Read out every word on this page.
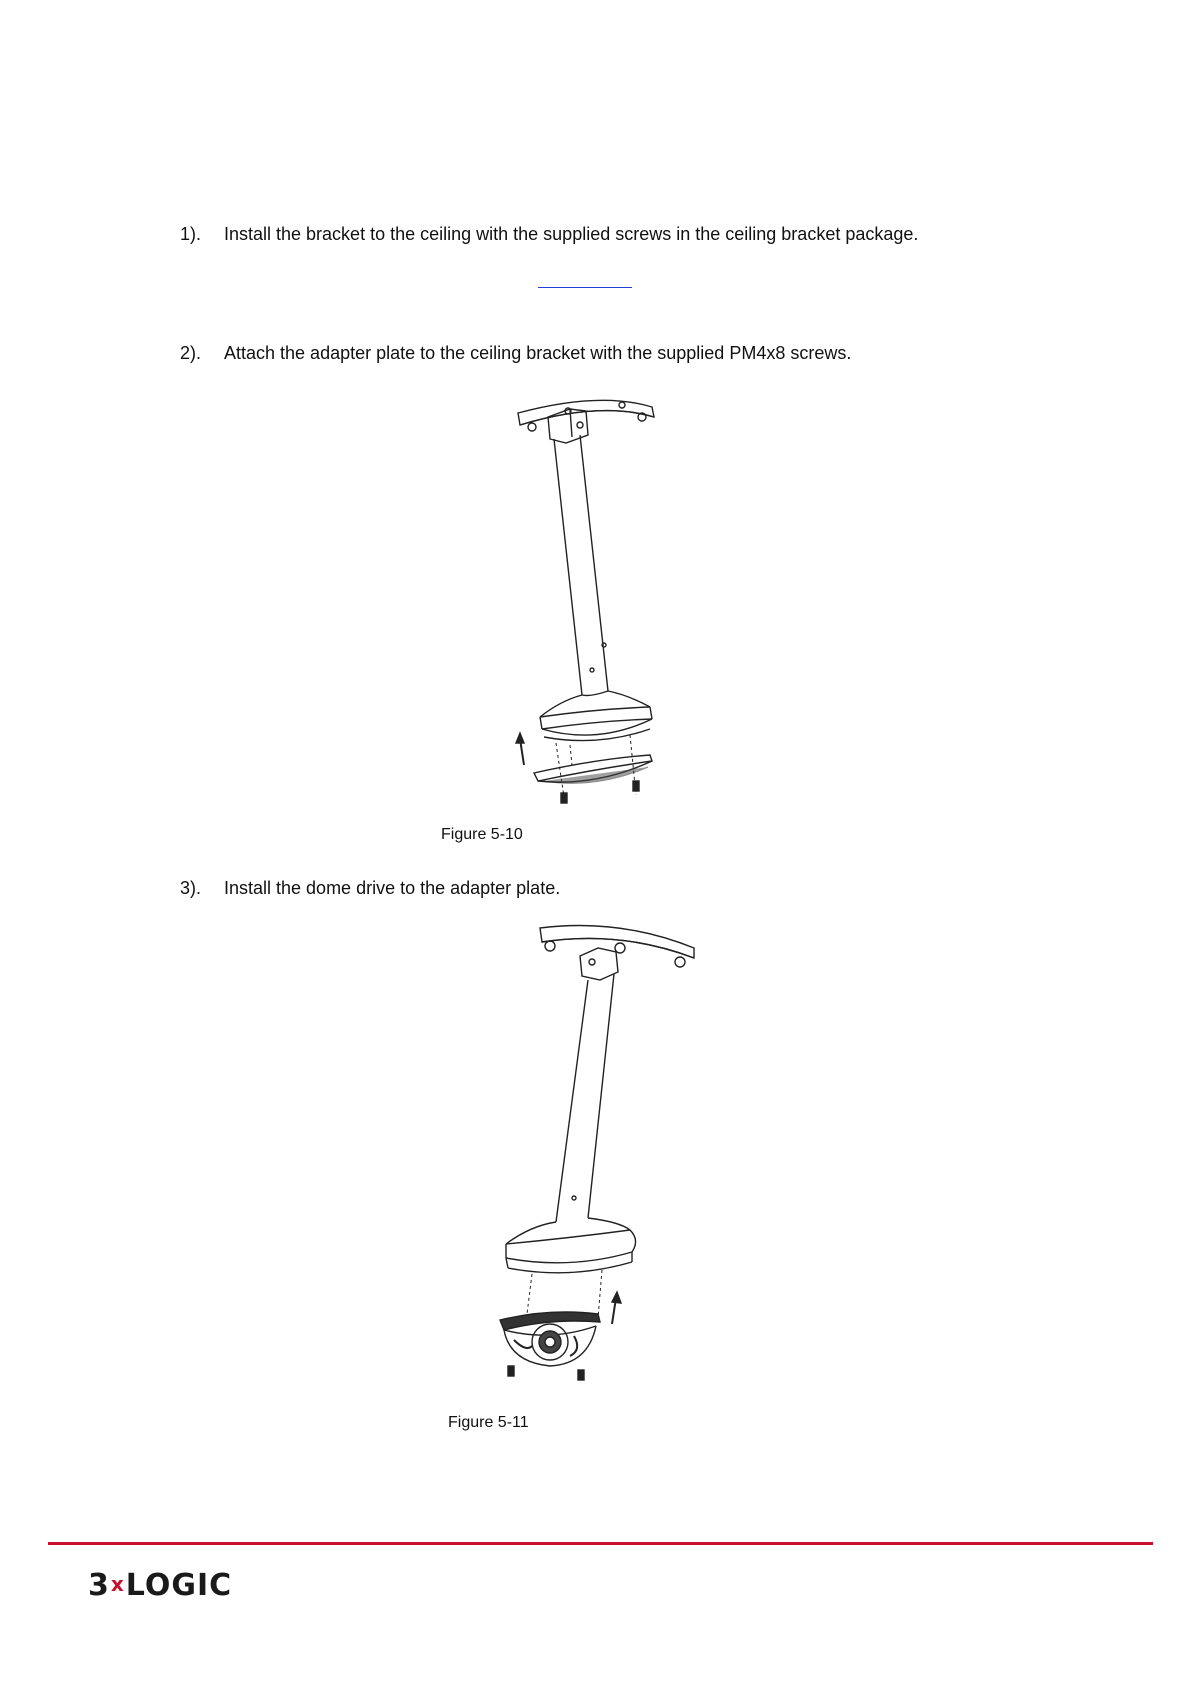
1).	Install the bracket to the ceiling with the supplied screws in the ceiling bracket package.
2).	Attach the adapter plate to the ceiling bracket with the supplied PM4x8 screws.
Figure 5-10
3).	Install the dome drive to the adapter plate.
Figure 5-11
3xLOGIC
